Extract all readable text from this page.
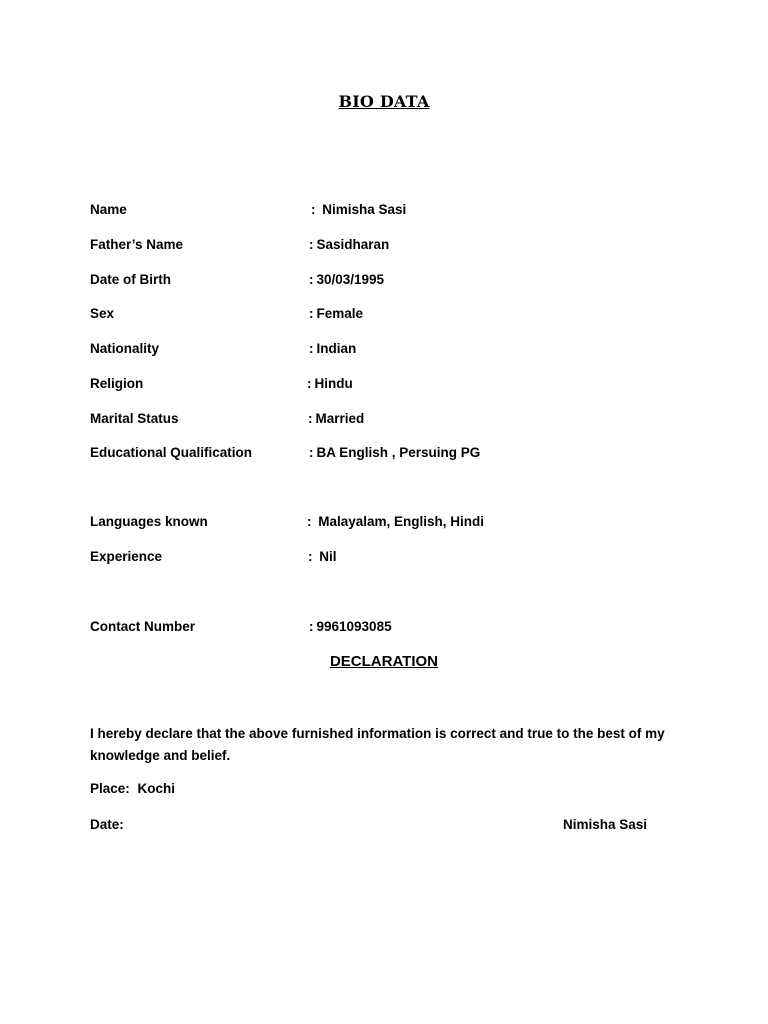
BIO DATA
Name	: Nimisha Sasi
Father’s Name	: Sasidharan
Date of Birth	: 30/03/1995
Sex	: Female
Nationality	: Indian
Religion	: Hindu
Marital Status	: Married
Educational Qualification	: BA English , Persuing PG
Languages known	: Malayalam, English, Hindi
Experience	: Nil
Contact Number	: 9961093085
DECLARATION
I hereby declare that the above furnished information is correct and true to the best of my knowledge and belief.
Place: Kochi
Date:	Nimisha Sasi
